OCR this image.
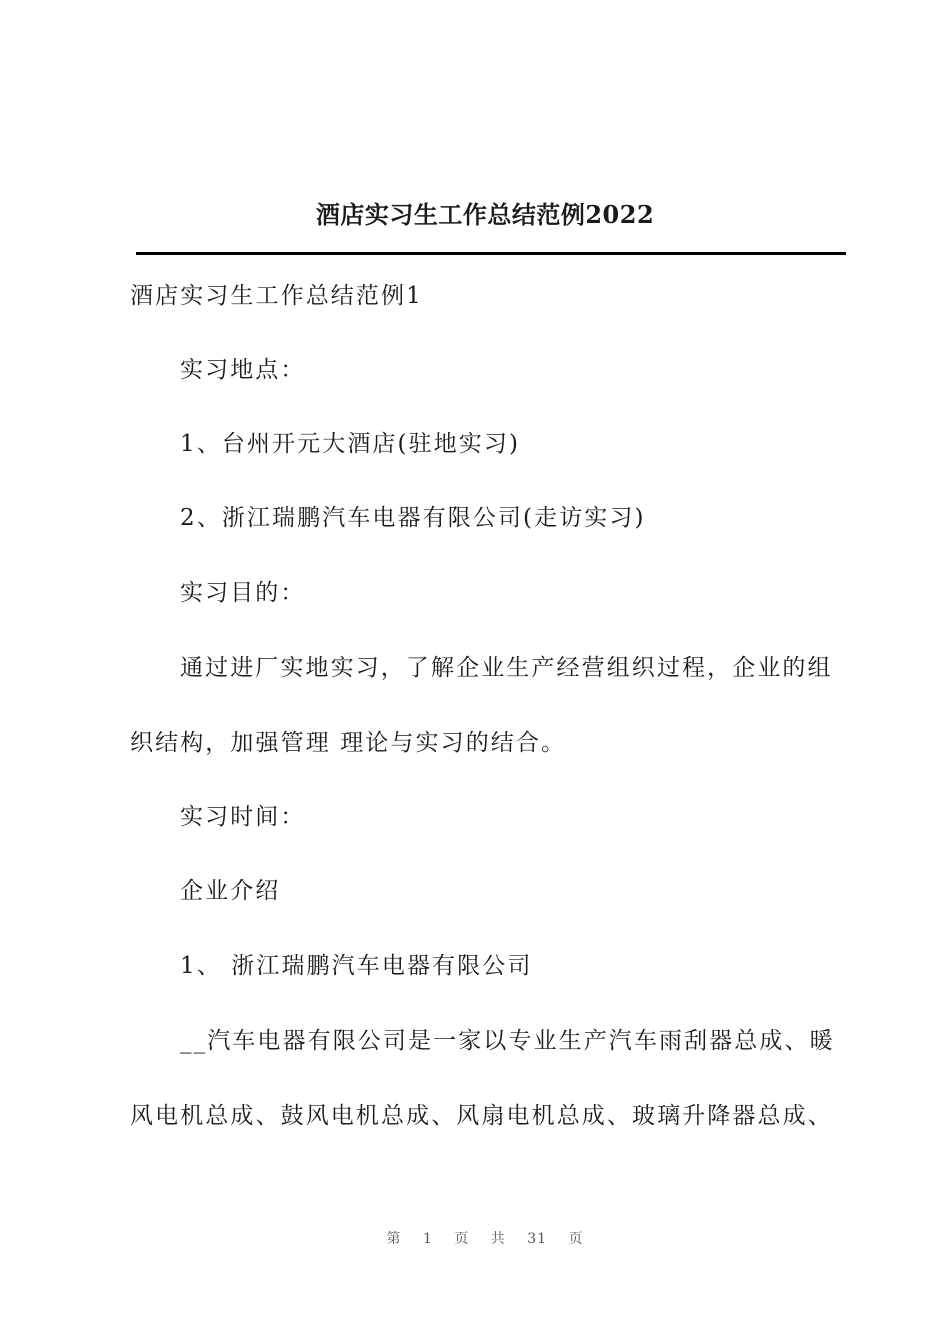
酒店实习生工作总结范例2022
酒店实习生工作总结范例1
实习地点：
1、台州开元大酒店(驻地实习)
2、浙江瑞鹏汽车电器有限公司(走访实习)
实习目的：
通过进厂实地实习，了解企业生产经营组织过程，企业的组
织结构，加强管理 理论与实习的结合。
实习时间：
企业介绍
1、 浙江瑞鹏汽车电器有限公司
__汽车电器有限公司是一家以专业生产汽车雨刮器总成、暖
风电机总成、鼓风电机总成、风扇电机总成、玻璃升降器总成、
第 1 页 共 31 页
